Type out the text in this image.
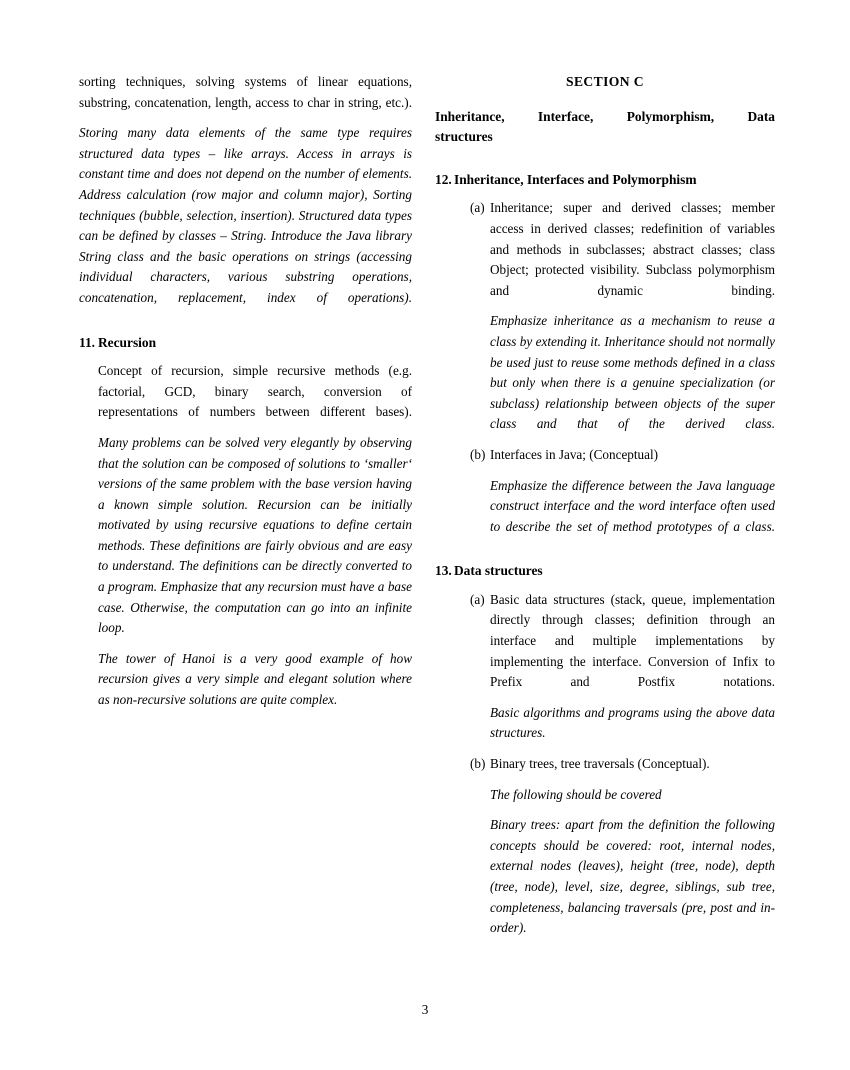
sorting techniques, solving systems of linear equations, substring, concatenation, length, access to char in string, etc.).

Storing many data elements of the same type requires structured data types – like arrays. Access in arrays is constant time and does not depend on the number of elements. Address calculation (row major and column major), Sorting techniques (bubble, selection, insertion). Structured data types can be defined by classes – String. Introduce the Java library String class and the basic operations on strings (accessing individual characters, various substring operations, concatenation, replacement, index of operations).

11. Recursion

Concept of recursion, simple recursive methods (e.g. factorial, GCD, binary search, conversion of representations of numbers between different bases).

Many problems can be solved very elegantly by observing that the solution can be composed of solutions to ‘smaller‘ versions of the same problem with the base version having a known simple solution. Recursion can be initially motivated by using recursive equations to define certain methods. These definitions are fairly obvious and are easy to understand. The definitions can be directly converted to a program. Emphasize that any recursion must have a base case. Otherwise, the computation can go into an infinite loop.

The tower of Hanoi is a very good example of how recursion gives a very simple and elegant solution where as non-recursive solutions are quite complex.

SECTION C
Inheritance, Interface, Polymorphism, Data
structures
12. Inheritance, Interfaces and Polymorphism
(a) Inheritance; super and derived classes; member access in derived classes; redefinition of variables and methods in subclasses; abstract classes; class Object; protected visibility. Subclass polymorphism and dynamic binding.

Emphasize inheritance as a mechanism to reuse a class by extending it. Inheritance should not normally be used just to reuse some methods defined in a class but only when there is a genuine specialization (or subclass) relationship between objects of the super class and that of the derived class.

(b) Interfaces in Java; (Conceptual)

Emphasize the difference between the Java language construct interface and the word interface often used to describe the set of method prototypes of a class.

13. Data structures
(a) Basic data structures (stack, queue, implementation directly through classes; definition through an interface and multiple implementations by implementing the interface. Conversion of Infix to Prefix and Postfix notations.

Basic algorithms and programs using the above data structures.

(b) Binary trees, tree traversals (Conceptual).

The following should be covered

Binary trees: apart from the definition the following concepts should be covered: root, internal nodes, external nodes (leaves), height (tree, node), depth (tree, node), level, size, degree, siblings, sub tree, completeness, balancing traversals (pre, post and in-order).

3
